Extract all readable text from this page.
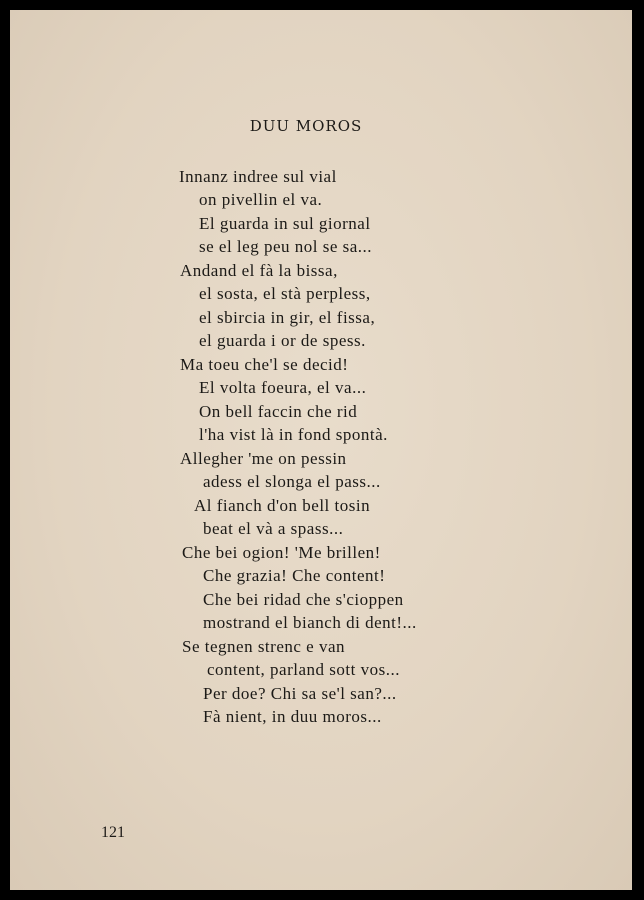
DUU MOROS
Innanz indree sul vial
on pivellin el va.
El guarda in sul giornal
se el leg peu nol se sa...
Andand el fà la bissa,
el sosta, el stà perpless,
el sbircia in gir, el fissa,
el guarda i or de spess.
Ma toeu che'l se decid!
El volta foeura, el va...
On bell faccin che rid
l'ha vist là in fond spontà.
Allegher 'me on pessin
adess el slonga el pass...
Al fianch d'on bell tosin
beat el và a spass...
Che bei ogion! 'Me brillen!
Che grazia! Che content!
Che bei ridad che s'cioppen
mostrand el bianch di dent!...
Se tegnen strenc e van
content, parland sott vos...
Per doe? Chi sa se'l san?...
Fà nient, in duu moros...
121
